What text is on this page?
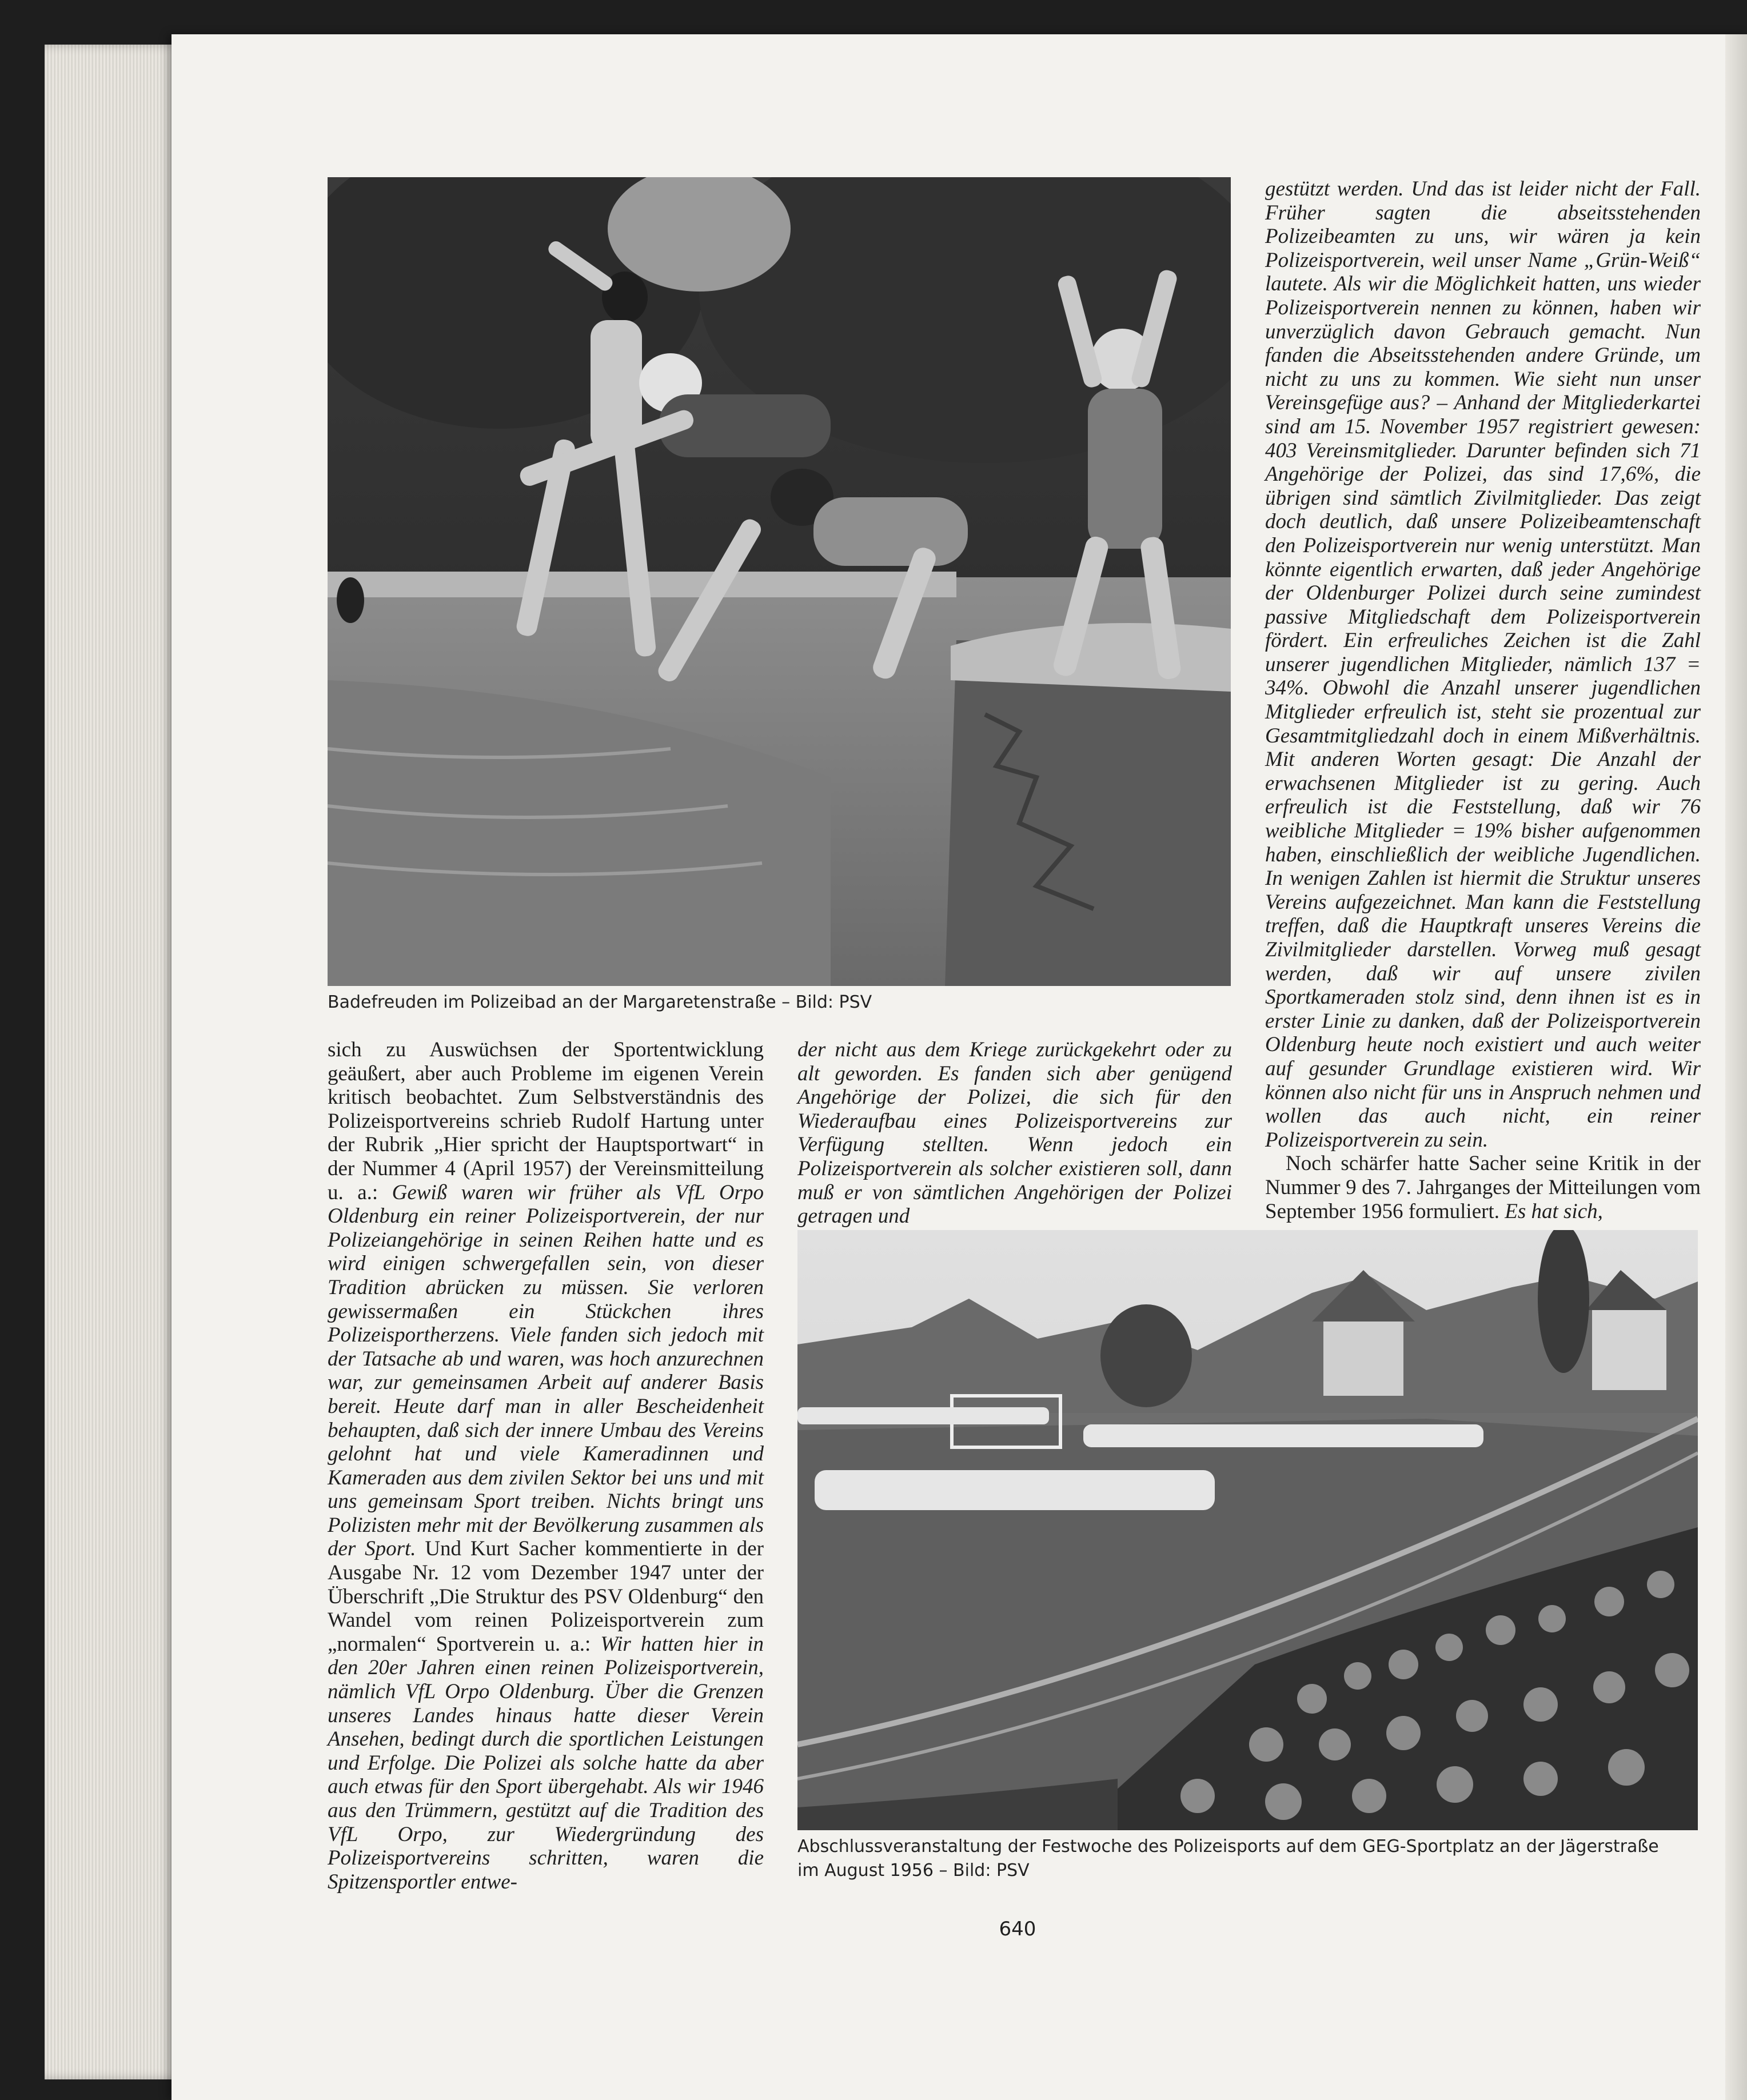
Badefreuden im Polizeibad an der Margaretenstraße – Bild: PSV

sich zu Auswüchsen der Sportentwicklung geäußert, aber auch Probleme im eigenen Verein kritisch beobachtet. Zum Selbstverständnis des Polizeisportvereins schrieb Rudolf Hartung unter der Rubrik „Hier spricht der Hauptsportwart“ in der Nummer 4 (April 1957) der Vereinsmitteilung u. a.: Gewiß waren wir früher als VfL Orpo Oldenburg ein reiner Polizeisportverein, der nur Polizeiangehörige in seinen Reihen hatte und es wird einigen schwergefallen sein, von dieser Tradition abrücken zu müssen. Sie verloren gewissermaßen ein Stückchen ihres Polizeisportherzens. Viele fanden sich jedoch mit der Tatsache ab und waren, was hoch anzurechnen war, zur gemeinsamen Arbeit auf anderer Basis bereit. Heute darf man in aller Bescheidenheit behaupten, daß sich der innere Umbau des Vereins gelohnt hat und viele Kameradinnen und Kameraden aus dem zivilen Sektor bei uns und mit uns gemeinsam Sport treiben. Nichts bringt uns Polizisten mehr mit der Bevölkerung zusammen als der Sport. Und Kurt Sacher kommentierte in der Ausgabe Nr. 12 vom Dezember 1947 unter der Überschrift „Die Struktur des PSV Oldenburg“ den Wandel vom reinen Polizeisportverein zum „normalen“ Sportverein u. a.: Wir hatten hier in den 20er Jahren einen reinen Polizeisportverein, nämlich VfL Orpo Oldenburg. Über die Grenzen unseres Landes hinaus hatte dieser Verein Ansehen, bedingt durch die sportlichen Leistungen und Erfolge. Die Polizei als solche hatte da aber auch etwas für den Sport übergehabt. Als wir 1946 aus den Trümmern, gestützt auf die Tradition des VfL Orpo, zur Wiedergründung des Polizeisportvereins schritten, waren die Spitzensportler entwe-

der nicht aus dem Kriege zurückgekehrt oder zu alt geworden. Es fanden sich aber genügend Angehörige der Polizei, die sich für den Wiederaufbau eines Polizeisportvereins zur Verfügung stellten. Wenn jedoch ein Polizeisportverein als solcher existieren soll, dann muß er von sämtlichen Angehörigen der Polizei getragen und

gestützt werden. Und das ist leider nicht der Fall. Früher sagten die abseitsstehenden Polizeibeamten zu uns, wir wären ja kein Polizeisportverein, weil unser Name „Grün-Weiß“ lautete. Als wir die Möglichkeit hatten, uns wieder Polizeisportverein nennen zu können, haben wir unverzüglich davon Gebrauch gemacht. Nun fanden die Abseitsstehenden andere Gründe, um nicht zu uns zu kommen. Wie sieht nun unser Vereinsgefüge aus? – Anhand der Mitgliederkartei sind am 15. November 1957 registriert gewesen: 403 Vereinsmitglieder. Darunter befinden sich 71 Angehörige der Polizei, das sind 17,6%, die übrigen sind sämtlich Zivilmitglieder. Das zeigt doch deutlich, daß unsere Polizeibeamtenschaft den Polizeisportverein nur wenig unterstützt. Man könnte eigentlich erwarten, daß jeder Angehörige der Oldenburger Polizei durch seine zumindest passive Mitgliedschaft dem Polizeisportverein fördert. Ein erfreuliches Zeichen ist die Zahl unserer jugendlichen Mitglieder, nämlich 137 = 34%. Obwohl die Anzahl unserer jugendlichen Mitglieder erfreulich ist, steht sie prozentual zur Gesamtmitgliedzahl doch in einem Mißverhältnis. Mit anderen Worten gesagt: Die Anzahl der erwachsenen Mitglieder ist zu gering. Auch erfreulich ist die Feststellung, daß wir 76 weibliche Mitglieder = 19% bisher aufgenommen haben, einschließlich der weibliche Jugendlichen. In wenigen Zahlen ist hiermit die Struktur unseres Vereins aufgezeichnet. Man kann die Feststellung treffen, daß die Hauptkraft unseres Vereins die Zivilmitglieder darstellen. Vorweg muß gesagt werden, daß wir auf unsere zivilen Sportkameraden stolz sind, denn ihnen ist es in erster Linie zu danken, daß der Polizeisportverein Oldenburg heute noch existiert und auch weiter auf gesunder Grundlage existieren wird. Wir können also nicht für uns in Anspruch nehmen und wollen das auch nicht, ein reiner Polizeisportverein zu sein.

Noch schärfer hatte Sacher seine Kritik in der Nummer 9 des 7. Jahrganges der Mitteilungen vom September 1956 formuliert. Es hat sich,

Abschlussveranstaltung der Festwoche des Polizeisports auf dem GEG-Sportplatz an der Jägerstraße
im August 1956 – Bild: PSV
640
